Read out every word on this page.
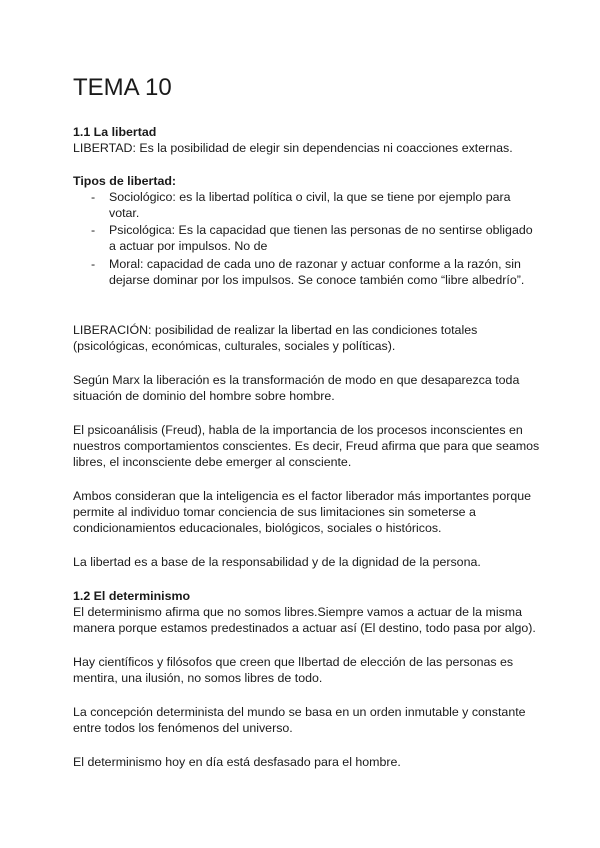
TEMA 10

1.1 La libertad

LIBERTAD: Es la posibilidad de elegir sin dependencias ni coacciones externas.

Tipos de libertad:

- Sociológico: es la libertad política o civil, la que se tiene por ejemplo para votar.

- Psicológica: Es la capacidad que tienen las personas de no sentirse obligado a actuar por impulsos. No de

- Moral: capacidad de cada uno de razonar y actuar conforme a la razón, sin dejarse dominar por los impulsos. Se conoce también como “libre albedrío”.

LIBERACIÓN: posibilidad de realizar la libertad en las condiciones totales (psicológicas, económicas, culturales, sociales y políticas).

Según Marx la liberación es la transformación de modo en que desaparezca toda situación de dominio del hombre sobre hombre.

El psicoanálisis (Freud), habla de la importancia de los procesos inconscientes en nuestros comportamientos conscientes. Es decir, Freud afirma que para que seamos libres, el inconsciente debe emerger al consciente.

Ambos consideran que la inteligencia es el factor liberador más importantes porque permite al individuo tomar conciencia de sus limitaciones sin someterse a condicionamientos educacionales, biológicos, sociales o históricos.

La libertad es a base de la responsabilidad y de la dignidad de la persona.

1.2 El determinismo

El determinismo afirma que no somos libres.Siempre vamos a actuar de la misma manera porque estamos predestinados a actuar así (El destino, todo pasa por algo).

Hay científicos y filósofos que creen que lIbertad de elección de las personas es mentira, una ilusión, no somos libres de todo.

La concepción determinista del mundo se basa en un orden inmutable y constante entre todos los fenómenos del universo.

El determinismo hoy en día está desfasado para el hombre.
